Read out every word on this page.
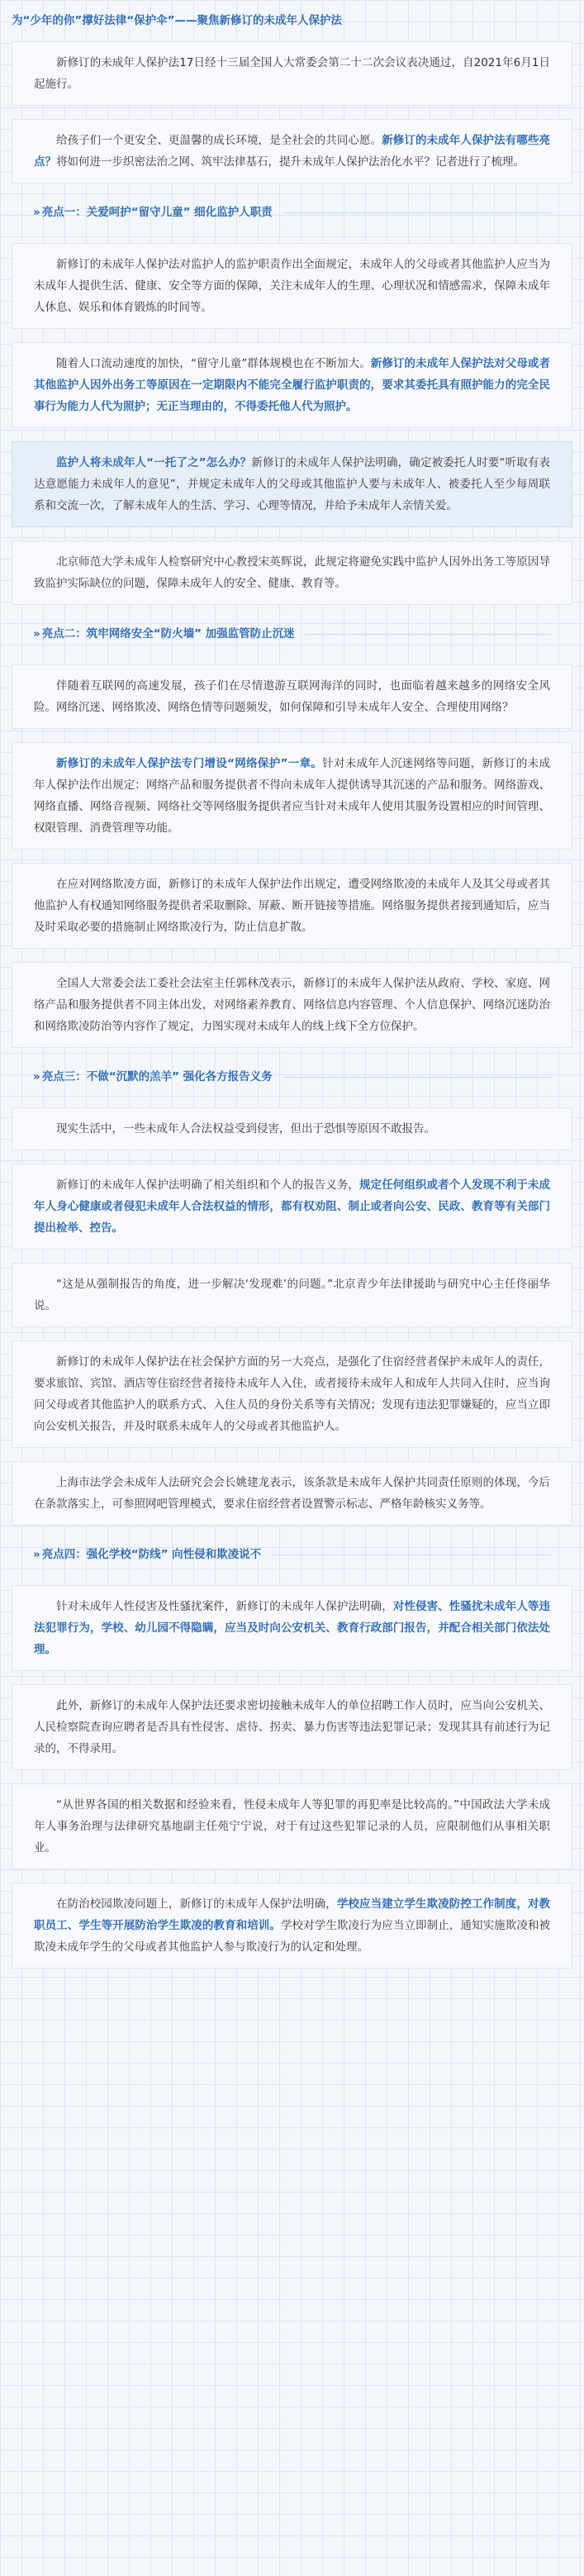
为“少年的你”撑好法律“保护伞”——聚焦新修订的未成年人保护法

新修订的未成年人保护法17日经十三届全国人大常委会第二十二次会议表决通过，自2021年6月1日起施行。

给孩子们一个更安全、更温馨的成长环境，是全社会的共同心愿。新修订的未成年人保护法有哪些亮点？将如何进一步织密法治之网、筑牢法律基石，提升未成年人保护法治化水平？记者进行了梳理。

» 亮点一：关爱呵护“留守儿童” 细化监护人职责

新修订的未成年人保护法对监护人的监护职责作出全面规定，未成年人的父母或者其他监护人应当为未成年人提供生活、健康、安全等方面的保障，关注未成年人的生理、心理状况和情感需求，保障未成年人休息、娱乐和体育锻炼的时间等。

随着人口流动速度的加快，“留守儿童”群体规模也在不断加大。新修订的未成年人保护法对父母或者其他监护人因外出务工等原因在一定期限内不能完全履行监护职责的，要求其委托具有照护能力的完全民事行为能力人代为照护；无正当理由的，不得委托他人代为照护。

监护人将未成年人“一托了之”怎么办？新修订的未成年人保护法明确，确定被委托人时要“听取有表达意愿能力未成年人的意见”，并规定未成年人的父母或其他监护人要与未成年人、被委托人至少每周联系和交流一次，了解未成年人的生活、学习、心理等情况，并给予未成年人亲情关爱。

北京师范大学未成年人检察研究中心教授宋英辉说，此规定将避免实践中监护人因外出务工等原因导致监护实际缺位的问题，保障未成年人的安全、健康、教育等。

» 亮点二：筑牢网络安全“防火墙” 加强监管防止沉迷

伴随着互联网的高速发展，孩子们在尽情遨游互联网海洋的同时，也面临着越来越多的网络安全风险。网络沉迷、网络欺凌、网络色情等问题频发，如何保障和引导未成年人安全、合理使用网络？

新修订的未成年人保护法专门增设“网络保护”一章。针对未成年人沉迷网络等问题，新修订的未成年人保护法作出规定：网络产品和服务提供者不得向未成年人提供诱导其沉迷的产品和服务。网络游戏、网络直播、网络音视频、网络社交等网络服务提供者应当针对未成年人使用其服务设置相应的时间管理、权限管理、消费管理等功能。

在应对网络欺凌方面，新修订的未成年人保护法作出规定，遭受网络欺凌的未成年人及其父母或者其他监护人有权通知网络服务提供者采取删除、屏蔽、断开链接等措施。网络服务提供者接到通知后，应当及时采取必要的措施制止网络欺凌行为，防止信息扩散。

全国人大常委会法工委社会法室主任郭林茂表示，新修订的未成年人保护法从政府、学校、家庭、网络产品和服务提供者不同主体出发，对网络素养教育、网络信息内容管理、个人信息保护、网络沉迷防治和网络欺凌防治等内容作了规定，力图实现对未成年人的线上线下全方位保护。

» 亮点三：不做“沉默的羔羊” 强化各方报告义务

现实生活中，一些未成年人合法权益受到侵害，但出于恐惧等原因不敢报告。

新修订的未成年人保护法明确了相关组织和个人的报告义务，规定任何组织或者个人发现不利于未成年人身心健康或者侵犯未成年人合法权益的情形，都有权劝阻、制止或者向公安、民政、教育等有关部门提出检举、控告。

“这是从强制报告的角度，进一步解决‘发现难’的问题。”北京青少年法律援助与研究中心主任佟丽华说。

新修订的未成年人保护法在社会保护方面的另一大亮点，是强化了住宿经营者保护未成年人的责任，要求旅馆、宾馆、酒店等住宿经营者接待未成年人入住，或者接待未成年人和成年人共同入住时，应当询问父母或者其他监护人的联系方式、入住人员的身份关系等有关情况；发现有违法犯罪嫌疑的，应当立即向公安机关报告，并及时联系未成年人的父母或者其他监护人。

上海市法学会未成年人法研究会会长姚建龙表示，该条款是未成年人保护共同责任原则的体现，今后在条款落实上，可参照网吧管理模式，要求住宿经营者设置警示标志、严格年龄核实义务等。

» 亮点四：强化学校“防线” 向性侵和欺凌说不

针对未成年人性侵害及性骚扰案件，新修订的未成年人保护法明确，对性侵害、性骚扰未成年人等违法犯罪行为，学校、幼儿园不得隐瞒，应当及时向公安机关、教育行政部门报告，并配合相关部门依法处理。

此外，新修订的未成年人保护法还要求密切接触未成年人的单位招聘工作人员时，应当向公安机关、人民检察院查询应聘者是否具有性侵害、虐待、拐卖、暴力伤害等违法犯罪记录；发现其具有前述行为记录的，不得录用。

“从世界各国的相关数据和经验来看，性侵未成年人等犯罪的再犯率是比较高的。”中国政法大学未成年人事务治理与法律研究基地副主任苑宁宁说，对于有过这些犯罪记录的人员，应限制他们从事相关职业。

在防治校园欺凌问题上，新修订的未成年人保护法明确，学校应当建立学生欺凌防控工作制度，对教职员工、学生等开展防治学生欺凌的教育和培训。学校对学生欺凌行为应当立即制止，通知实施欺凌和被欺凌未成年学生的父母或者其他监护人参与欺凌行为的认定和处理。
